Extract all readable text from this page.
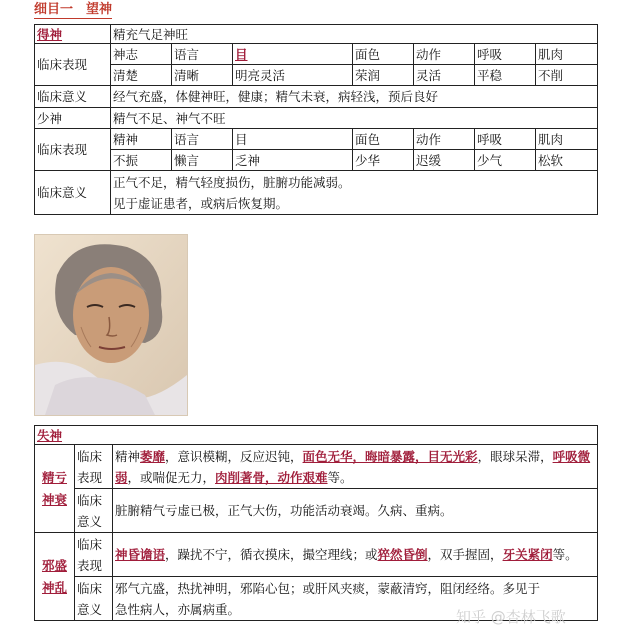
细目一　望神
得神	精充气足神旺						
临床表现	神志	语言	目	面色	动作	呼吸	肌肉
	清楚	清晰	明亮灵活	荣润	灵活	平稳	不削
临床意义	经气充盛，体健神旺，健康；精气未衰，病轻浅，预后良好						
少神	精气不足、神气不旺						
临床表现	精神	语言	目	面色	动作	呼吸	肌肉
	不振	懒言	乏神	少华	迟缓	少气	松软
临床意义	正气不足，精气轻度损伤，脏腑功能减弱。
见于虚证患者，或病后恢复期。						
失神		
精亏神衰	临床表现	精神萎靡，意识模糊，反应迟钝，面色无华，晦暗暴露，目无光彩，眼球呆滞，呼吸微弱，或喘促无力，肉削著骨，动作艰难等。
	临床意义	脏腑精气亏虚已极，正气大伤，功能活动衰竭。久病、重病。
邪盛神乱	临床表现	神昏谵语，躁扰不宁，循衣摸床，撮空理线；或猝然昏倒，双手握固，牙关紧闭等。
	临床意义	邪气亢盛，热扰神明，邪陷心包；或肝风夹痰，蒙蔽清窍，阻闭经络。多见于
急性病人，亦属病重。	知乎 @杏林飞歌
